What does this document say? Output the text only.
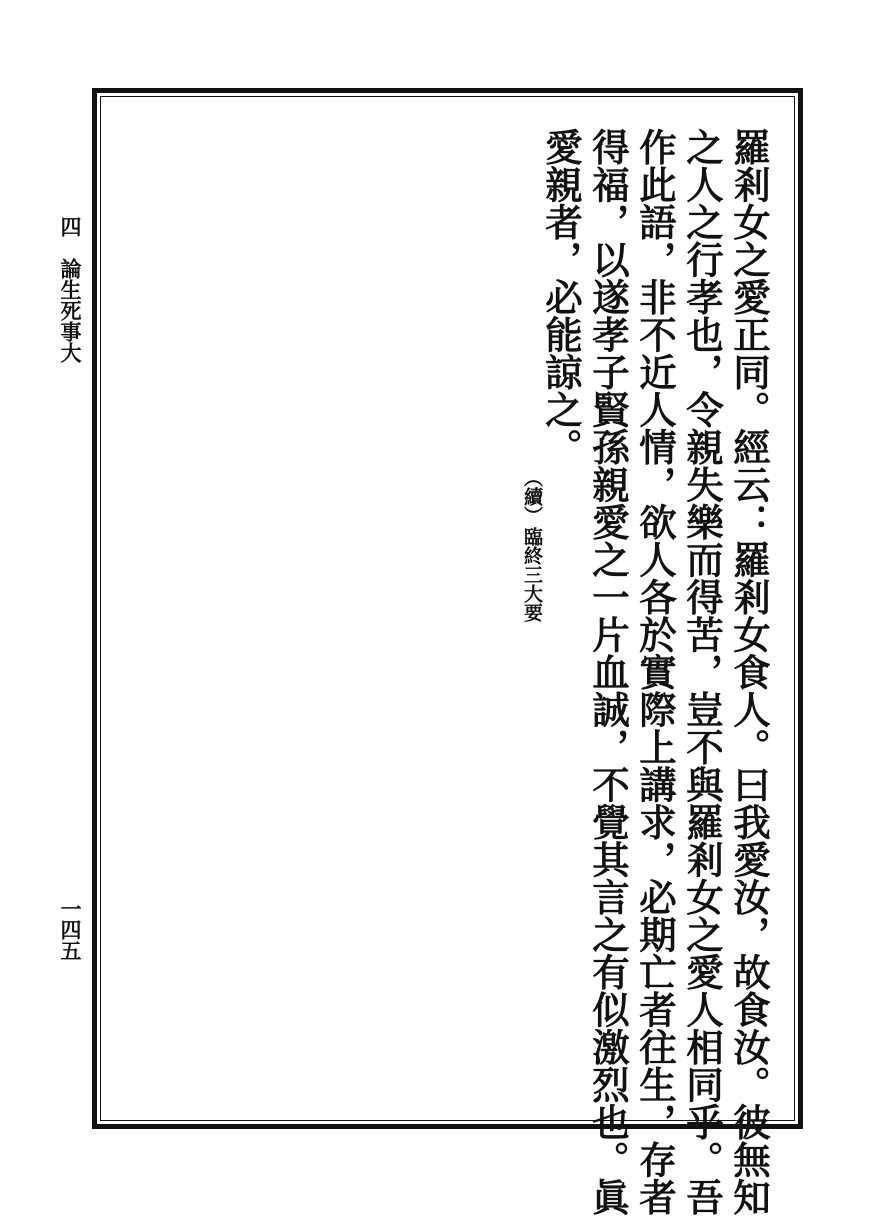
四
論生死事大
一四五	羅剎女之愛正同。經云：羅剎女食人。曰我愛汝，故食汝。彼無知
之人之行孝也，令親失樂而得苦，豈不與羅剎女之愛人相同乎。吾
作此語，非不近人情，欲人各於實際上講求，必期亡者往生，存者
得福，以遂孝子賢孫親愛之一片血誠，不覺其言之有似激烈也。眞
愛親者，必能諒之。
（續）
臨終三大要
